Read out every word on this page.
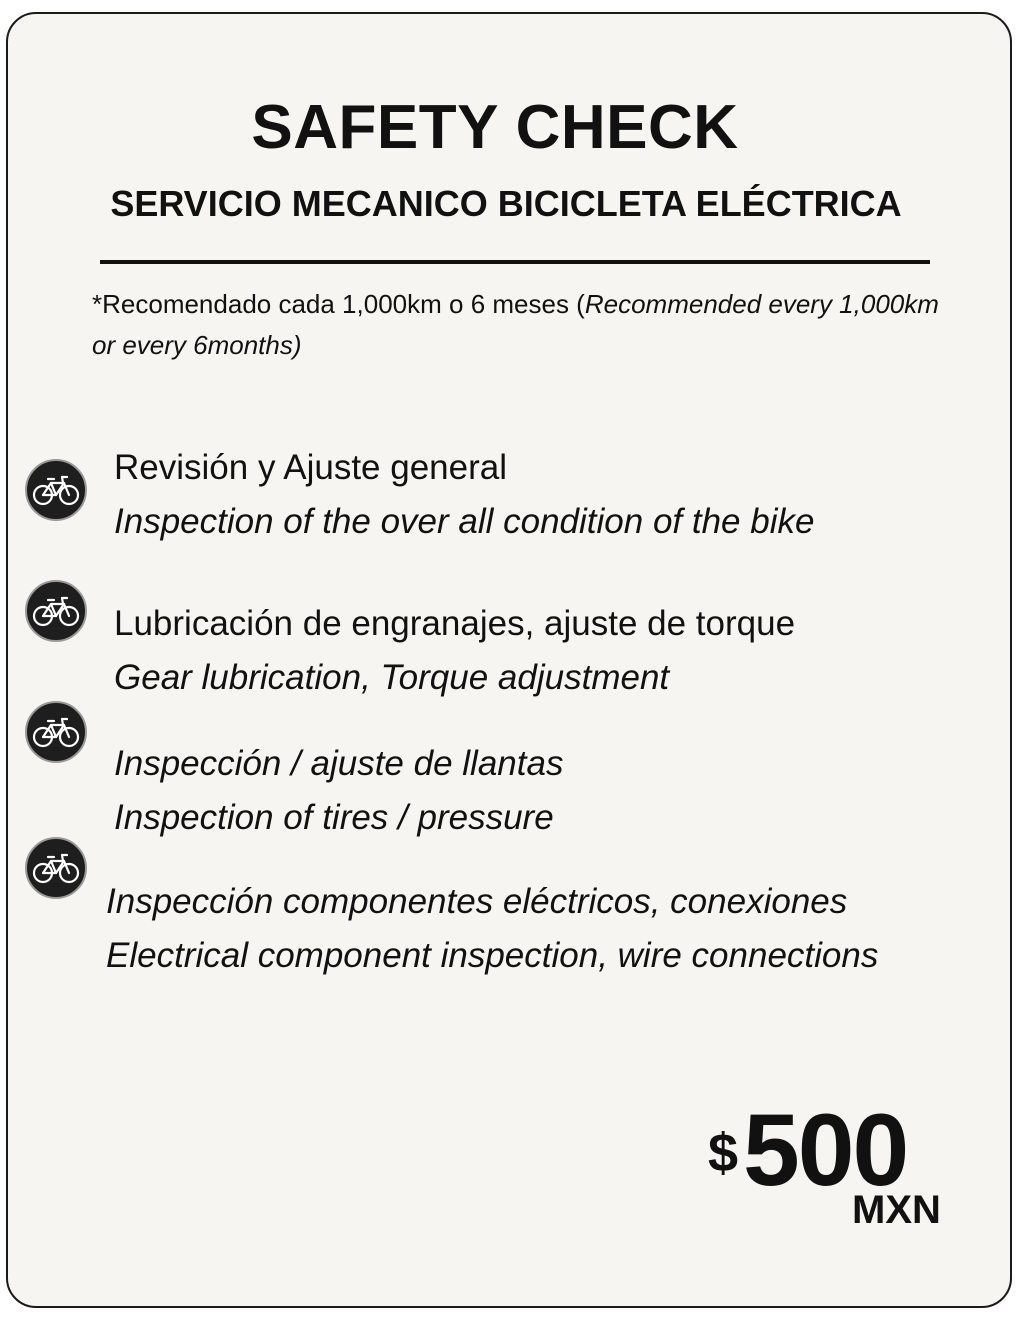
SAFETY CHECK
SERVICIO MECANICO BICICLETA ELÉCTRICA
*Recomendado cada 1,000km o 6 meses (Recommended every 1,000km or every 6months)
Revisión y Ajuste general
Inspection of the over all condition of the bike
Lubricación de engranajes, ajuste de torque
Gear lubrication, Torque adjustment
Inspección / ajuste de llantas
Inspection of tires / pressure
Inspección componentes eléctricos, conexiones
Electrical component inspection, wire connections
$ 500
MXN
